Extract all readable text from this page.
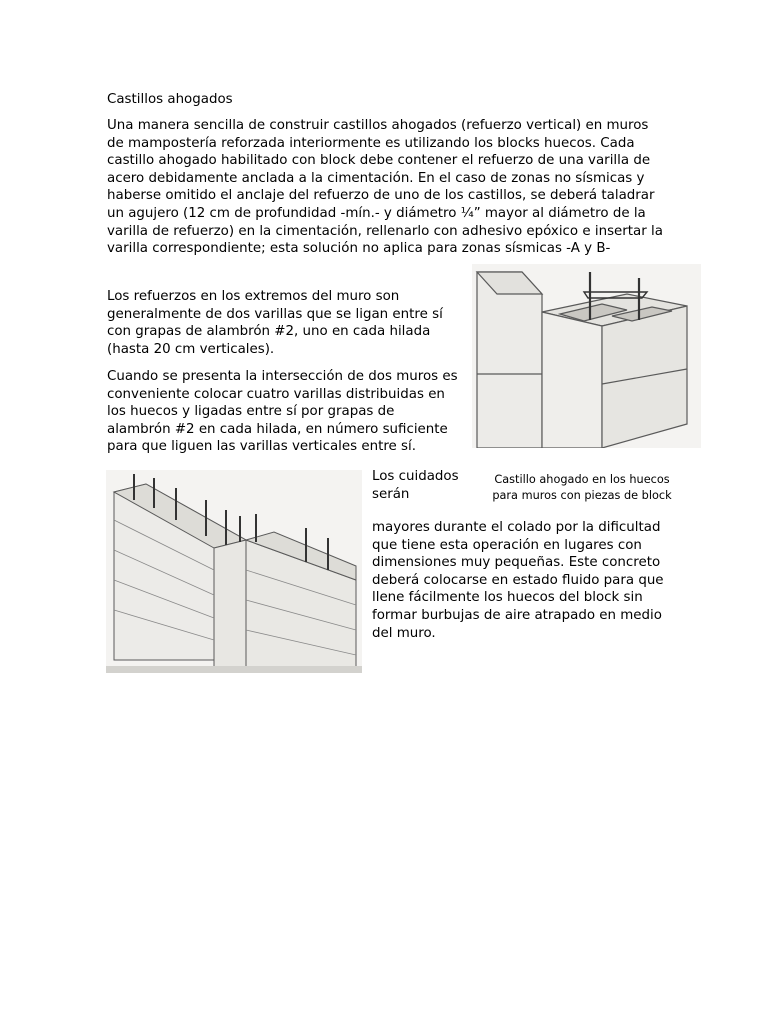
Castillos ahogados

Una manera sencilla de construir castillos ahogados (refuerzo vertical) en muros de mampostería reforzada interiormente es utilizando los blocks huecos. Cada castillo ahogado habilitado con block debe contener el refuerzo de una varilla de acero debidamente anclada a la cimentación. En el caso de zonas no sísmicas y haberse omitido el anclaje del refuerzo de uno de los castillos, se deberá taladrar un agujero (12 cm de profundidad -mín.- y diámetro ¼” mayor al diámetro de la varilla de refuerzo) en la cimentación, rellenarlo con adhesivo epóxico e insertar la varilla correspondiente; esta solución no aplica para zonas sísmicas -A y B-

Los refuerzos en los extremos del muro son generalmente de dos varillas que se ligan entre sí con grapas de alambrón #2, uno en cada hilada (hasta 20 cm verticales).

Cuando se presenta la intersección de dos muros es conveniente colocar cuatro varillas distribuidas en los huecos y ligadas entre sí por grapas de alambrón #2 en cada hilada, en número suficiente para que liguen las varillas verticales entre sí.

Los cuidados serán

Castillo ahogado en los huecos para muros con piezas de block

mayores durante el colado por la dificultad que tiene esta operación en lugares con dimensiones muy pequeñas. Este concreto deberá colocarse en estado fluido para que llene fácilmente los huecos del block sin formar burbujas de aire atrapado en medio del muro.
